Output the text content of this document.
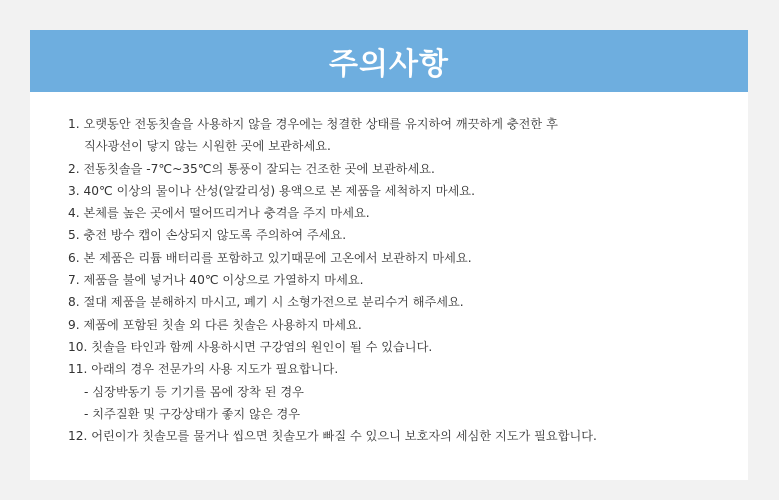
주의사항
1. 오랫동안 전동칫솔을 사용하지 않을 경우에는 청결한 상태를 유지하여 깨끗하게 충전한 후
직사광선이 닿지 않는 시원한 곳에 보관하세요.
2. 전동칫솔을 -7℃~35℃의 통풍이 잘되는 건조한 곳에 보관하세요.
3. 40℃ 이상의 물이나 산성(알칼리성) 용액으로 본 제품을 세척하지 마세요.
4. 본체를 높은 곳에서 떨어뜨리거나 충격을 주지 마세요.
5. 충전 방수 캡이 손상되지 않도록 주의하여 주세요.
6. 본 제품은 리튬 배터리를 포함하고 있기때문에 고온에서 보관하지 마세요.
7. 제품을 불에 넣거나 40℃ 이상으로 가열하지 마세요.
8. 절대 제품을 분해하지 마시고, 폐기 시 소형가전으로 분리수거 해주세요.
9. 제품에 포함된 칫솔 외 다른 칫솔은 사용하지 마세요.
10. 칫솔을 타인과 함께 사용하시면 구강염의 원인이 될 수 있습니다.
11. 아래의 경우 전문가의 사용 지도가 필요합니다.
- 심장박동기 등 기기를 몸에 장착 된 경우
- 치주질환 및 구강상태가 좋지 않은 경우
12. 어린이가 칫솔모를 물거나 씹으면 칫솔모가 빠질 수 있으니 보호자의 세심한 지도가 필요합니다.
